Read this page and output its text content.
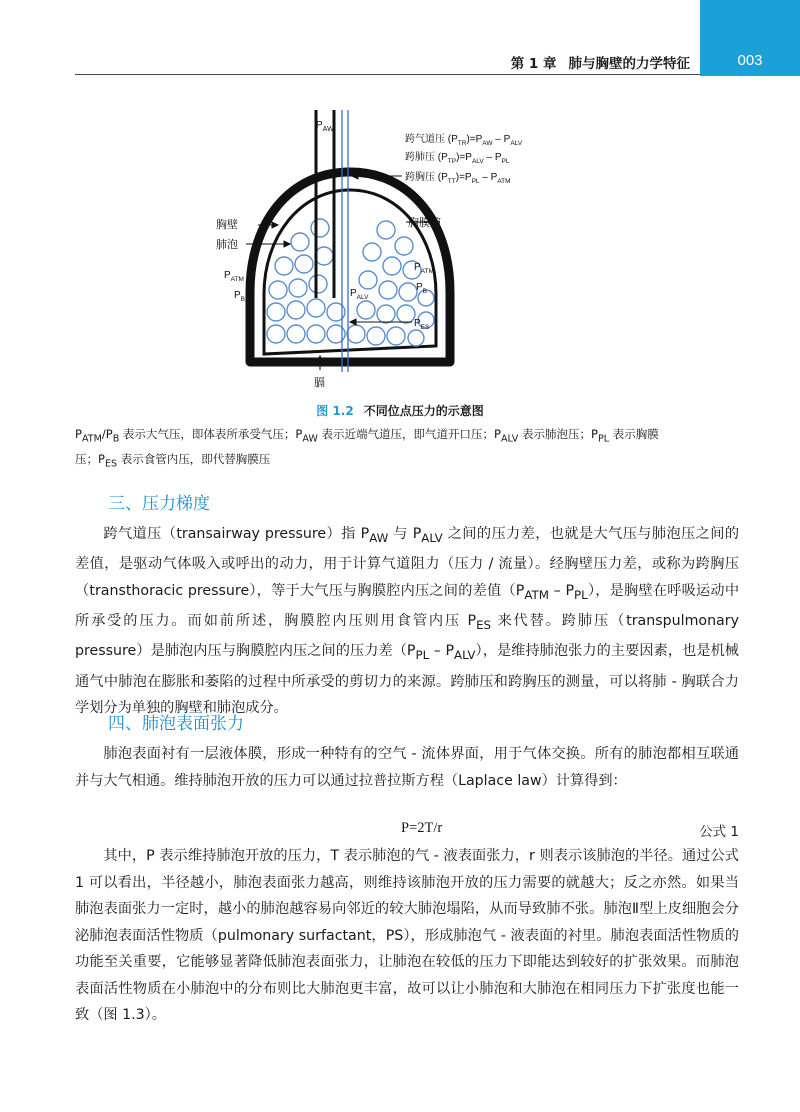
第 1 章 肺与胸壁的力学特征	003
$P_{AW}$
跨气道压 $(P_{TR})=P_{AW} - P_{ALV}$
跨肺压 $(P_{TP})=P_{ALV} - P_{PL}$
跨胸压 $(P_{TT})=P_{PL} - P_{ATM}$
胸壁
肺泡
胸膜腔
$P_{ATM}$
$P_B$
$P_{ATM}$
$P_B$
$P_{ALV}$
$P_{ES}$
膈
图 1.2 不同位点压力的示意图
$P_{ATM}/P_B$ 表示大气压，即体表所承受气压；$P_{AW}$ 表示近端气道压，即气道开口压；$P_{ALV}$ 表示肺泡压；$P_{PL}$ 表示胸膜
压；$P_{ES}$ 表示食管内压，即代替胸膜压
三、压力梯度
跨气道压（transairway pressure）指 $P_{AW}$ 与 $P_{ALV}$ 之间的压力差，也就是大气压与肺泡压之间的差值，是驱动气体吸入或呼出的动力，用于计算气道阻力（压力 / 流量）。经胸壁压力差，或称为跨胸压（transthoracic pressure），等于大气压与胸膜腔内压之间的差值$(P_{ATM} - P_{PL})$，是胸壁在呼吸运动中所承受的压力。而如前所述，胸膜腔内压则用食管内压 $P_{ES}$ 来代替。跨肺压（transpulmonary pressure）是肺泡内压与胸膜腔内压之间的压力差$(P_{PL} - P_{ALV})$，是维持肺泡张力的主要因素，也是机械通气中肺泡在膨胀和萎陷的过程中所承受的剪切力的来源。跨肺压和跨胸压的测量，可以将肺 - 胸联合力学划分为单独的胸壁和肺泡成分。
四、肺泡表面张力
肺泡表面衬有一层液体膜，形成一种特有的空气 - 流体界面，用于气体交换。所有的肺泡都相互联通并与大气相通。维持肺泡开放的压力可以通过拉普拉斯方程（Laplace law）计算得到：
P=2T/r	公式 1
其中，P 表示维持肺泡开放的压力，T 表示肺泡的气 - 液表面张力，r 则表示该肺泡的半径。通过公式 1 可以看出，半径越小，肺泡表面张力越高，则维持该肺泡开放的压力需要的就越大；反之亦然。如果当肺泡表面张力一定时，越小的肺泡越容易向邻近的较大肺泡塌陷，从而导致肺不张。肺泡Ⅱ型上皮细胞会分泌肺泡表面活性物质（pulmonary surfactant，PS），形成肺泡气 - 液表面的衬里。肺泡表面活性物质的功能至关重要，它能够显著降低肺泡表面张力，让肺泡在较低的压力下即能达到较好的扩张效果。而肺泡表面活性物质在小肺泡中的分布则比大肺泡更丰富，故可以让小肺泡和大肺泡在相同压力下扩张度也能一致（图 1.3）。
